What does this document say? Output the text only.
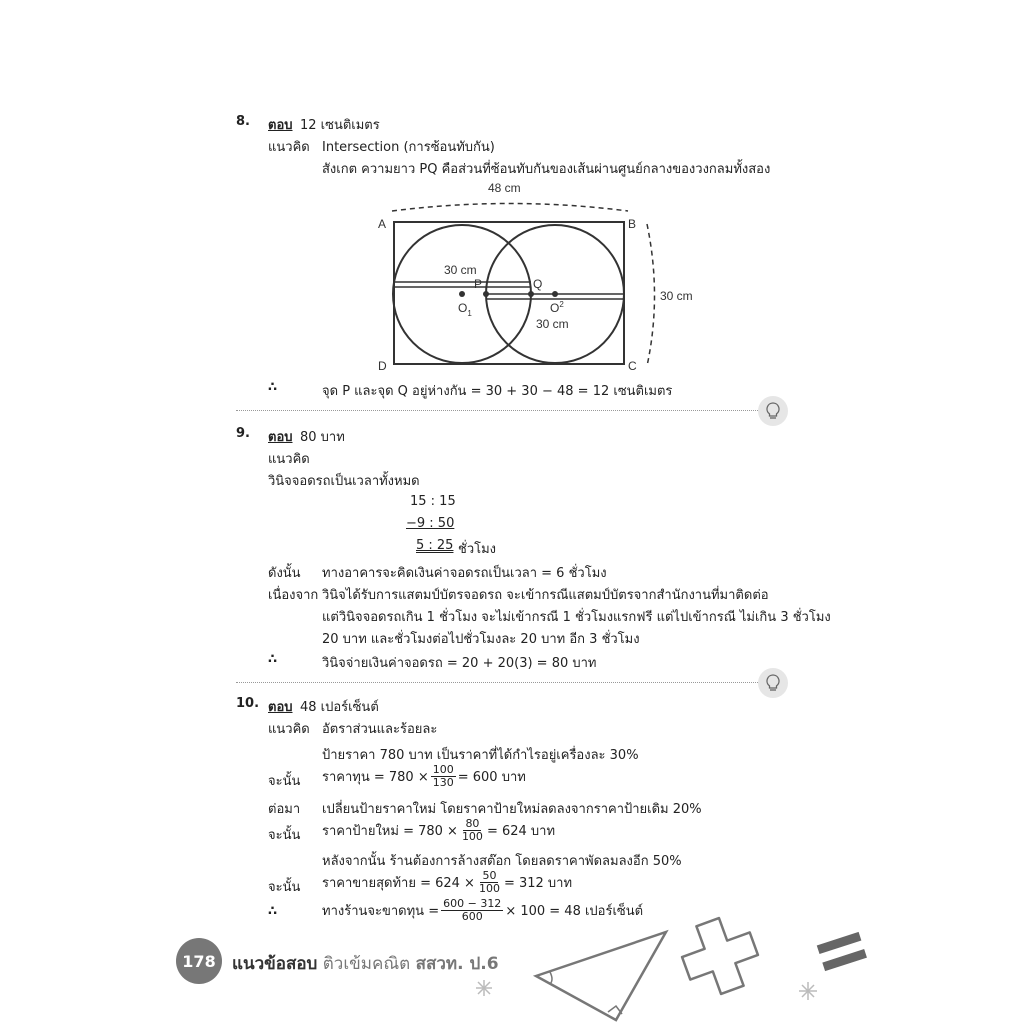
8. ตอบ 12 เซนติเมตร
แนวคิด Intersection (การซ้อนทับกัน)
สังเกต ความยาว PQ คือส่วนที่ซ้อนทับกันของเส้นผ่านศูนย์กลางของวงกลมทั้งสอง
48 cm
30 cm
A	B
C
D
P	Q
$O_1$	$O^2$
30 cm
30 cm
∴	จุด P และจุด Q อยู่ห่างกัน = 30 + 30 − 48 = 12 เซนติเมตร
9. ตอบ 80 บาท
แนวคิด
วินิจจอดรถเป็นเวลาทั้งหมด
15 : 15
−9 : 50
5 : 25 ชั่วโมง
ดังนั้น ทางอาคารจะคิดเงินค่าจอดรถเป็นเวลา = 6 ชั่วโมง
เนื่องจาก วินิจได้รับการแสตมป์บัตรจอดรถ จะเข้ากรณีแสตมป์บัตรจากสำนักงานที่มาติดต่อ
แต่วินิจจอดรถเกิน 1 ชั่วโมง จะไม่เข้ากรณี 1 ชั่วโมงแรกฟรี แต่ไปเข้ากรณี ไม่เกิน 3 ชั่วโมง
20 บาท และชั่วโมงต่อไปชั่วโมงละ 20 บาท อีก 3 ชั่วโมง
∴	วินิจจ่ายเงินค่าจอดรถ = 20 + 20(3) = 80 บาท
10. ตอบ 48 เปอร์เซ็นต์
แนวคิด อัตราส่วนและร้อยละ
ป้ายราคา 780 บาท เป็นราคาที่ได้กำไรอยู่เครื่องละ 30%
จะนั้น ราคาทุน = $780 \times \frac{100}{130} = 600$ บาท
ต่อมา เปลี่ยนป้ายราคาใหม่ โดยราคาป้ายใหม่ลดลงจากราคาป้ายเดิม 20%
จะนั้น ราคาป้ายใหม่ = $780 \times \frac{80}{100} = 624$ บาท
หลังจากนั้น ร้านต้องการล้างสต๊อก โดยลดราคาพัดลมลงอีก 50%
จะนั้น ราคาขายสุดท้าย = $624 \times \frac{50}{100} = 312$ บาท
∴	ทางร้านจะขาดทุน = $\frac{600 - 312}{600} \times 100 = 48$ เปอร์เซ็นต์
178 แนวข้อสอบ ติวเข้มคณิต สสวท. ป.6
